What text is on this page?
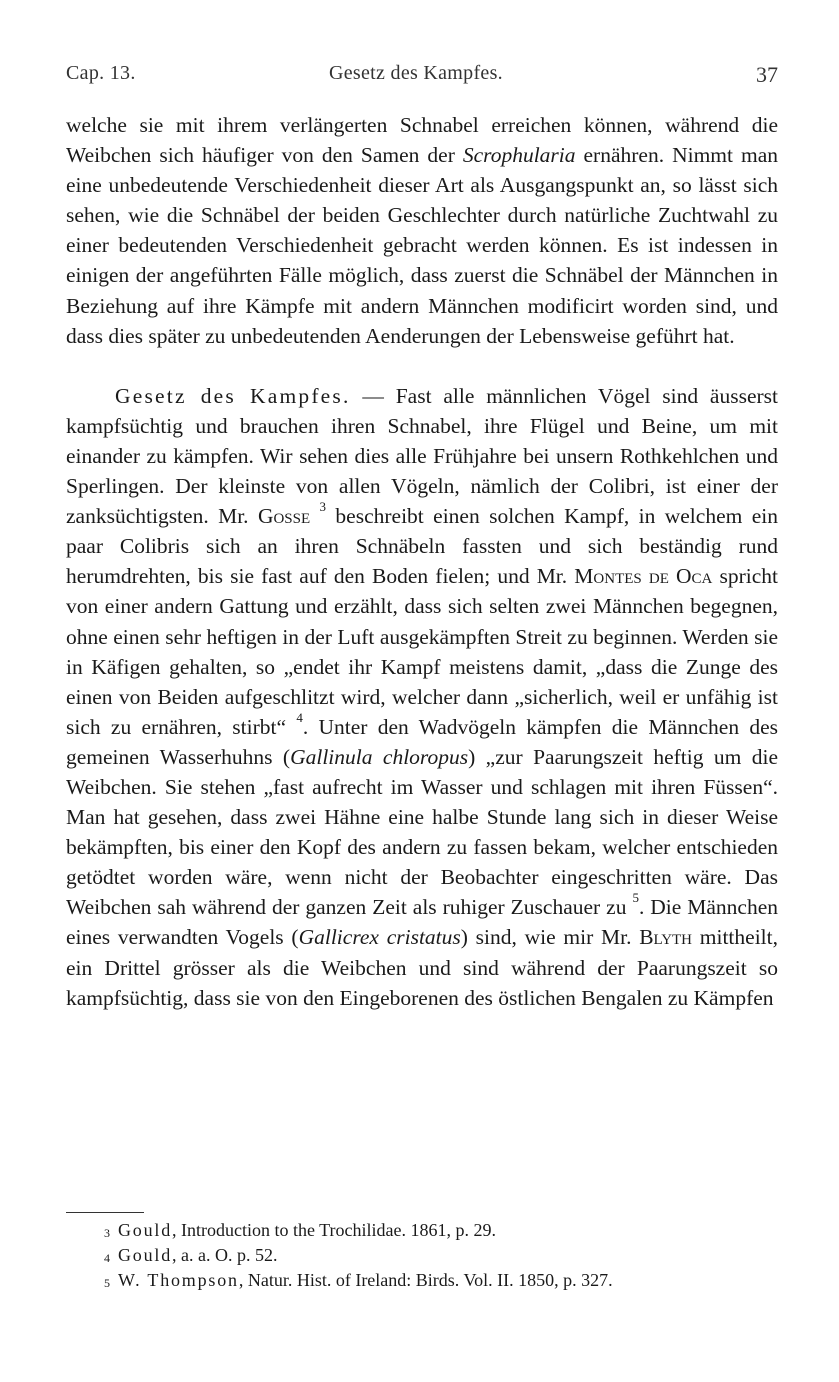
Cap. 13.	Gesetz des Kampfes.	37

welche sie mit ihrem verlängerten Schnabel erreichen können, während die Weibchen sich häufiger von den Samen der Scrophularia ernähren. Nimmt man eine unbedeutende Verschiedenheit dieser Art als Ausgangspunkt an, so lässt sich sehen, wie die Schnäbel der beiden Geschlechter durch natürliche Zuchtwahl zu einer bedeutenden Verschiedenheit gebracht werden können. Es ist indessen in einigen der angeführten Fälle möglich, dass zuerst die Schnäbel der Männchen in Beziehung auf ihre Kämpfe mit andern Männchen modificirt worden sind, und dass dies später zu unbedeutenden Aenderungen der Lebensweise geführt hat.

Gesetz des Kampfes. — Fast alle männlichen Vögel sind äusserst kampfsüchtig und brauchen ihren Schnabel, ihre Flügel und Beine, um mit einander zu kämpfen. Wir sehen dies alle Frühjahre bei unsern Rothkehlchen und Sperlingen. Der kleinste von allen Vögeln, nämlich der Colibri, ist einer der zanksüchtigsten. Mr. Gosse $^3$ beschreibt einen solchen Kampf, in welchem ein paar Colibris sich an ihren Schnäbeln fassten und sich beständig rund herumdrehten, bis sie fast auf den Boden fielen; und Mr. Montes de Oca spricht von einer andern Gattung und erzählt, dass sich selten zwei Männchen begegnen, ohne einen sehr heftigen in der Luft ausgekämpften Streit zu beginnen. Werden sie in Käfigen gehalten, so „endet ihr Kampf meistens damit, „dass die Zunge des einen von Beiden aufgeschlitzt wird, welcher dann „sicherlich, weil er unfähig ist sich zu ernähren, stirbt“ $^4$. Unter den Wadvögeln kämpfen die Männchen des gemeinen Wasserhuhns (Gallinula chloropus) „zur Paarungszeit heftig um die Weibchen. Sie stehen „fast aufrecht im Wasser und schlagen mit ihren Füssen“. Man hat gesehen, dass zwei Hähne eine halbe Stunde lang sich in dieser Weise bekämpften, bis einer den Kopf des andern zu fassen bekam, welcher entschieden getödtet worden wäre, wenn nicht der Beobachter eingeschritten wäre. Das Weibchen sah während der ganzen Zeit als ruhiger Zuschauer zu $^5$. Die Männchen eines verwandten Vogels (Gallicrex cristatus) sind, wie mir Mr. Blyth mittheilt, ein Drittel grösser als die Weibchen und sind während der Paarungszeit so kampfsüchtig, dass sie von den Eingeborenen des östlichen Bengalen zu Kämpfen

$^3$ Gould, Introduction to the Trochilidae. 1861, p. 29.

$^4$ Gould, a. a. O. p. 52.

$^5$ W. Thompson, Natur. Hist. of Ireland: Birds. Vol. II. 1850, p. 327.
